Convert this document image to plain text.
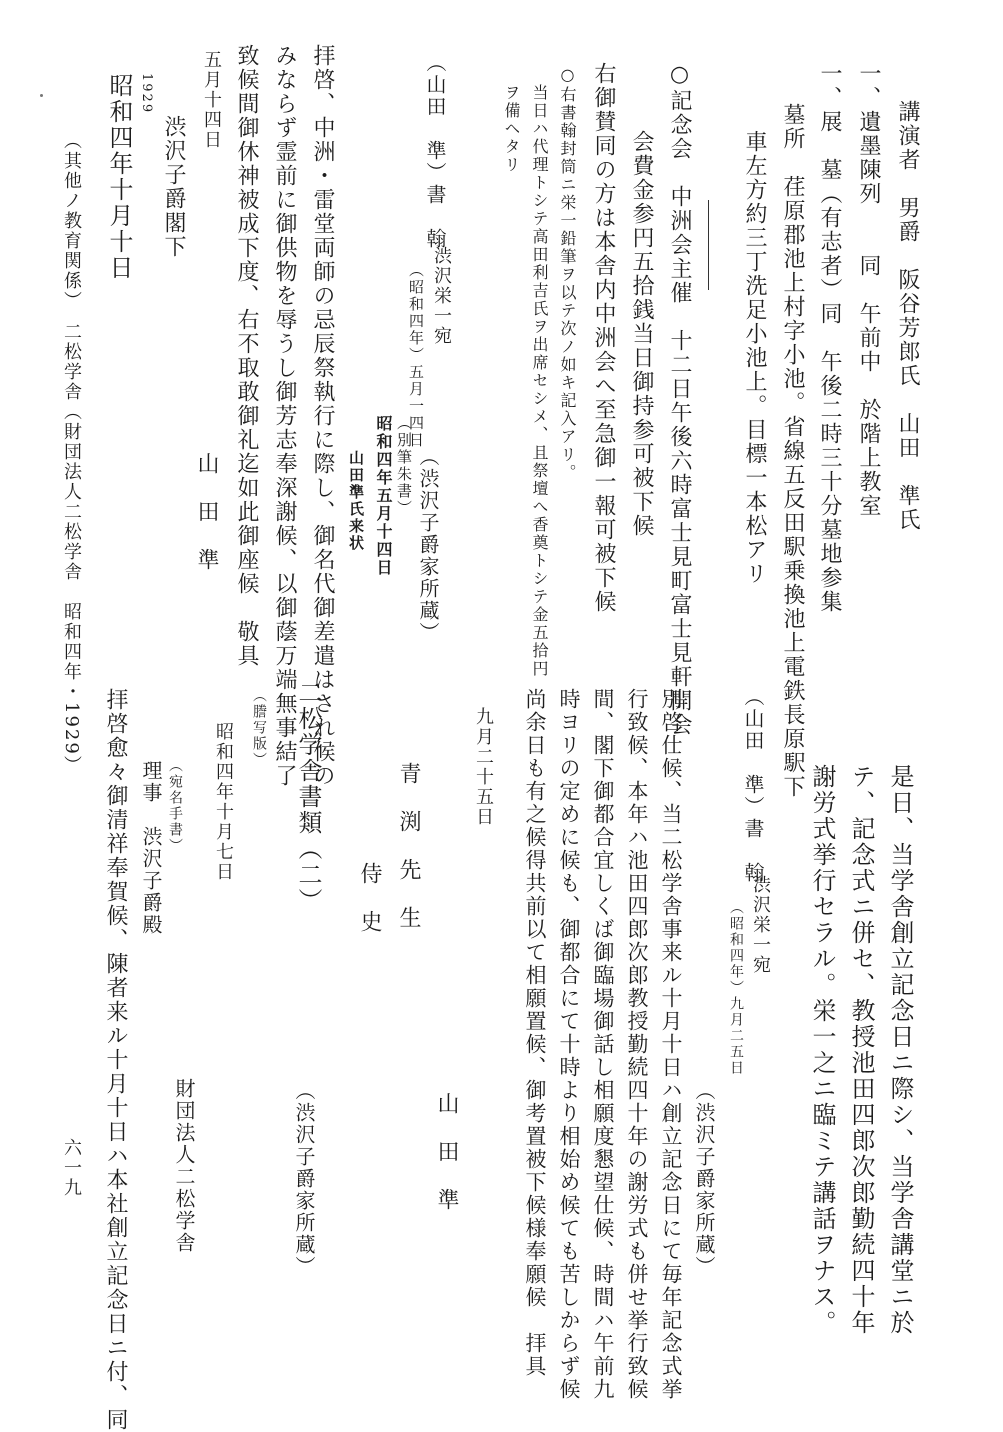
講演者　男爵　阪谷芳郎氏　山田　準氏
一、遺墨陳列　　同　午前中　於階上教室
一、展　墓（有志者）同　午後二時三十分墓地参集
墓所　荏原郡池上村字小池。省線五反田駅乗換池上電鉄長原駅下
車左方約三丁洗足小池上。目標一本松アリ
○記念会　中洲会主催　十二日午後六時富士見町富士見軒開会
会費金参円五拾銭当日御持参可被下候
右御賛同の方は本舎内中洲会へ至急御一報可被下候
○右書翰封筒ニ栄一鉛筆ヲ以テ次ノ如キ記入アリ。
当日ハ代理トシテ高田利吉氏ヲ出席セシメ、且祭壇へ香奠トシテ金五拾円
ヲ備ヘタリ
（渋沢子爵家所蔵）
（山田　準）書　翰
渋沢栄一宛
（昭和四年）五月一四日
（別筆朱書）
昭和四年五月十四日
山田準氏来状
拝啓、中洲・雷堂両師の忌辰祭執行に際し、御名代御差遣はされ候の
みならず霊前に御供物を辱うし御芳志奉深謝候、以御蔭万端無事結了
致候間御休神被成下度、右不取敢御礼迄如此御座候　敬具
五月十四日
山　田　準
渋沢子爵閣下
1929
昭和四年十月十日
（其他ノ教育関係）　二松学舎（財団法人二松学舎　昭和四年・1929）
是日、当学舎創立記念日ニ際シ、当学舎講堂ニ於
テ、記念式ニ併セ、教授池田四郎次郎勤続四十年
謝労式挙行セラル。栄一之ニ臨ミテ講話ヲナス。
（渋沢子爵家所蔵）
（山田　準）書　翰
渋沢栄一宛
（昭和四年）九月二五日
別啓仕候、当二松学舎事来ル十月十日ハ創立記念日にて毎年記念式挙
行致候、本年ハ池田四郎次郎教授勤続四十年の謝労式も併せ挙行致候
間、閣下御都合宜しくば御臨場御話し相願度懇望仕候、時間ハ午前九
時ヨリの定めに候も、御都合にて十時より相始め候ても苦しからず候
尚余日も有之候得共前以て相願置候、御考置被下候様奉願候　拝具
九月二十五日
山　田　準
青　渕　先　生
侍　史
二松学舎書類（二）
（渋沢子爵家所蔵）
（謄写版）
昭和四年十月七日
財団法人二松学舎
（宛名手書）
理事　渋沢子爵殿
拝啓愈々御清祥奉賀候、陳者来ル十月十日ハ本社創立記念日ニ付、同
六一九
